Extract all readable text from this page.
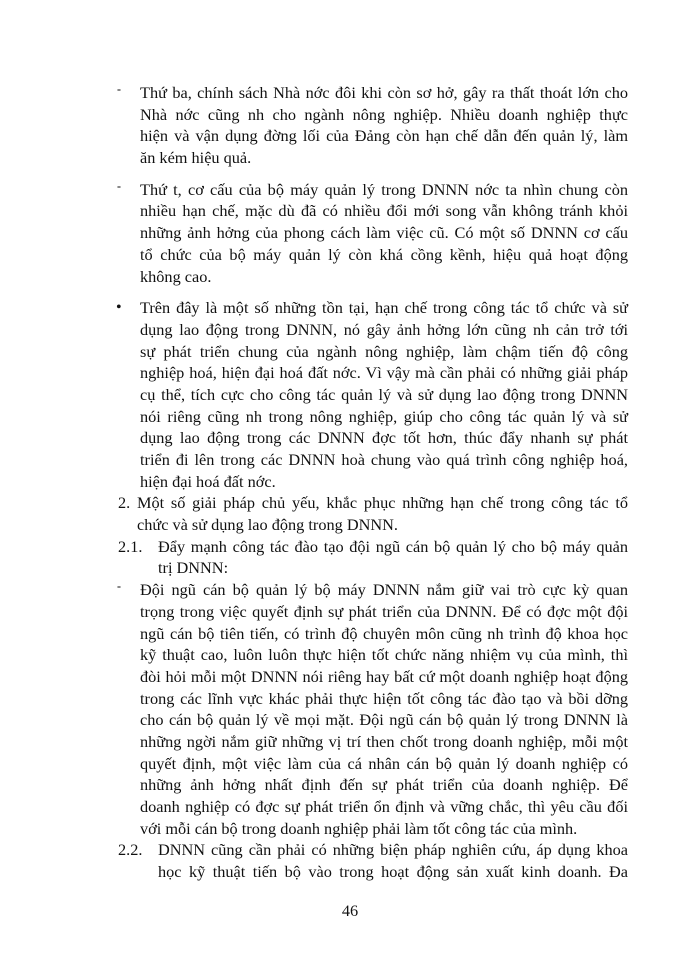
- Thứ ba, chính sách Nhà nớc đôi khi còn sơ hở, gây ra thất thoát lớn cho
Nhà nớc cũng nh cho ngành nông nghiệp. Nhiều doanh nghiệp thực
hiện và vận dụng đờng lối của Đảng còn hạn chế dẫn đến quản lý, làm
ăn kém hiệu quả.
- Thứ t, cơ cấu của bộ máy quản lý trong DNNN nớc ta nhìn chung còn
nhiều hạn chế, mặc dù đã có nhiều đổi mới song vẫn không tránh khỏi
những ảnh hởng của phong cách làm việc cũ. Có một số DNNN cơ cấu
tổ chức của bộ máy quản lý còn khá cồng kềnh, hiệu quả hoạt động
không cao.
• Trên đây là một số những tồn tại, hạn chế trong công tác tổ chức và sử
dụng lao động trong DNNN, nó gây ảnh hởng lớn cũng nh cản trở tới
sự phát triển chung của ngành nông nghiệp, làm chậm tiến độ công
nghiệp hoá, hiện đại hoá đất nớc. Vì vậy mà cần phải có những giải pháp
cụ thể, tích cực cho công tác quản lý và sử dụng lao động trong DNNN
nói riêng cũng nh trong nông nghiệp, giúp cho công tác quản lý và sử
dụng lao động trong các DNNN đợc tốt hơn, thúc đẩy nhanh sự phát
triển đi lên trong các DNNN hoà chung vào quá trình công nghiệp hoá,
hiện đại hoá đất nớc.
2. Một số giải pháp chủ yếu, khắc phục những hạn chế trong công tác tổ
chức và sử dụng lao động trong DNNN.
2.1. Đẩy mạnh công tác đào tạo đội ngũ cán bộ quản lý cho bộ máy quản
trị DNNN:
- Đội ngũ cán bộ quản lý bộ máy DNNN nắm giữ vai trò cực kỳ quan
trọng trong việc quyết định sự phát triển của DNNN. Để có đợc một đội
ngũ cán bộ tiên tiến, có trình độ chuyên môn cũng nh trình độ khoa học
kỹ thuật cao, luôn luôn thực hiện tốt chức năng nhiệm vụ của mình, thì
đòi hỏi mỗi một DNNN nói riêng hay bất cứ một doanh nghiệp hoạt động
trong các lĩnh vực khác phải thực hiện tốt công tác đào tạo và bồi dỡng
cho cán bộ quản lý về mọi mặt. Đội ngũ cán bộ quản lý trong DNNN là
những ngời nắm giữ những vị trí then chốt trong doanh nghiệp, mỗi một
quyết định, một việc làm của cá nhân cán bộ quản lý doanh nghiệp có
những ảnh hởng nhất định đến sự phát triển của doanh nghiệp. Để
doanh nghiệp có đợc sự phát triển ổn định và vững chắc, thì yêu cầu đối
với mỗi cán bộ trong doanh nghiệp phải làm tốt công tác của mình.
2.2. DNNN cũng cần phải có những biện pháp nghiên cứu, áp dụng khoa
học kỹ thuật tiến bộ vào trong hoạt động sản xuất kinh doanh. Đa
46
